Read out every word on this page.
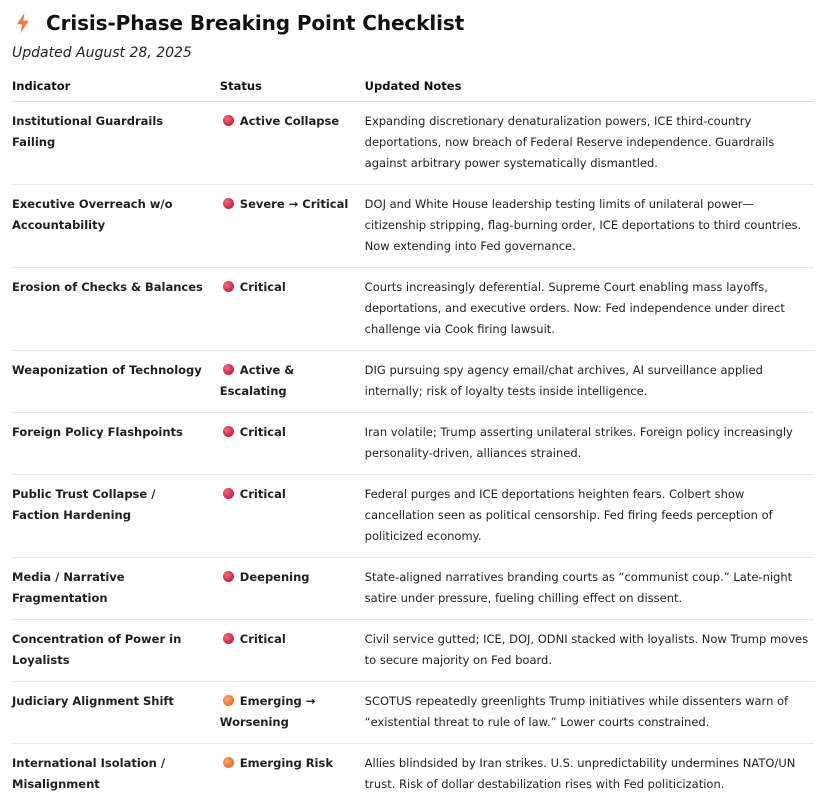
Crisis-Phase Breaking Point Checklist
Updated August 28, 2025
Indicator	Status	Updated Notes
Institutional Guardrails Failing	Active Collapse	Expanding discretionary denaturalization powers, ICE third-country deportations, now breach of Federal Reserve independence. Guardrails against arbitrary power systematically dismantled.
Executive Overreach w/o Accountability	Severe → Critical	DOJ and White House leadership testing limits of unilateral power—citizenship stripping, flag-burning order, ICE deportations to third countries. Now extending into Fed governance.
Erosion of Checks & Balances	Critical	Courts increasingly deferential. Supreme Court enabling mass layoffs, deportations, and executive orders. Now: Fed independence under direct challenge via Cook firing lawsuit.
Weaponization of Technology	Active & Escalating	DIG pursuing spy agency email/chat archives, AI surveillance applied internally; risk of loyalty tests inside intelligence.
Foreign Policy Flashpoints	Critical	Iran volatile; Trump asserting unilateral strikes. Foreign policy increasingly personality-driven, alliances strained.
Public Trust Collapse / Faction Hardening	Critical	Federal purges and ICE deportations heighten fears. Colbert show cancellation seen as political censorship. Fed firing feeds perception of politicized economy.
Media / Narrative Fragmentation	Deepening	State-aligned narratives branding courts as “communist coup.” Late-night satire under pressure, fueling chilling effect on dissent.
Concentration of Power in Loyalists	Critical	Civil service gutted; ICE, DOJ, ODNI stacked with loyalists. Now Trump moves to secure majority on Fed board.
Judiciary Alignment Shift	Emerging → Worsening	SCOTUS repeatedly greenlights Trump initiatives while dissenters warn of “existential threat to rule of law.” Lower courts constrained.
International Isolation / Misalignment	Emerging Risk	Allies blindsided by Iran strikes. U.S. unpredictability undermines NATO/UN trust. Risk of dollar destabilization rises with Fed politicization.
